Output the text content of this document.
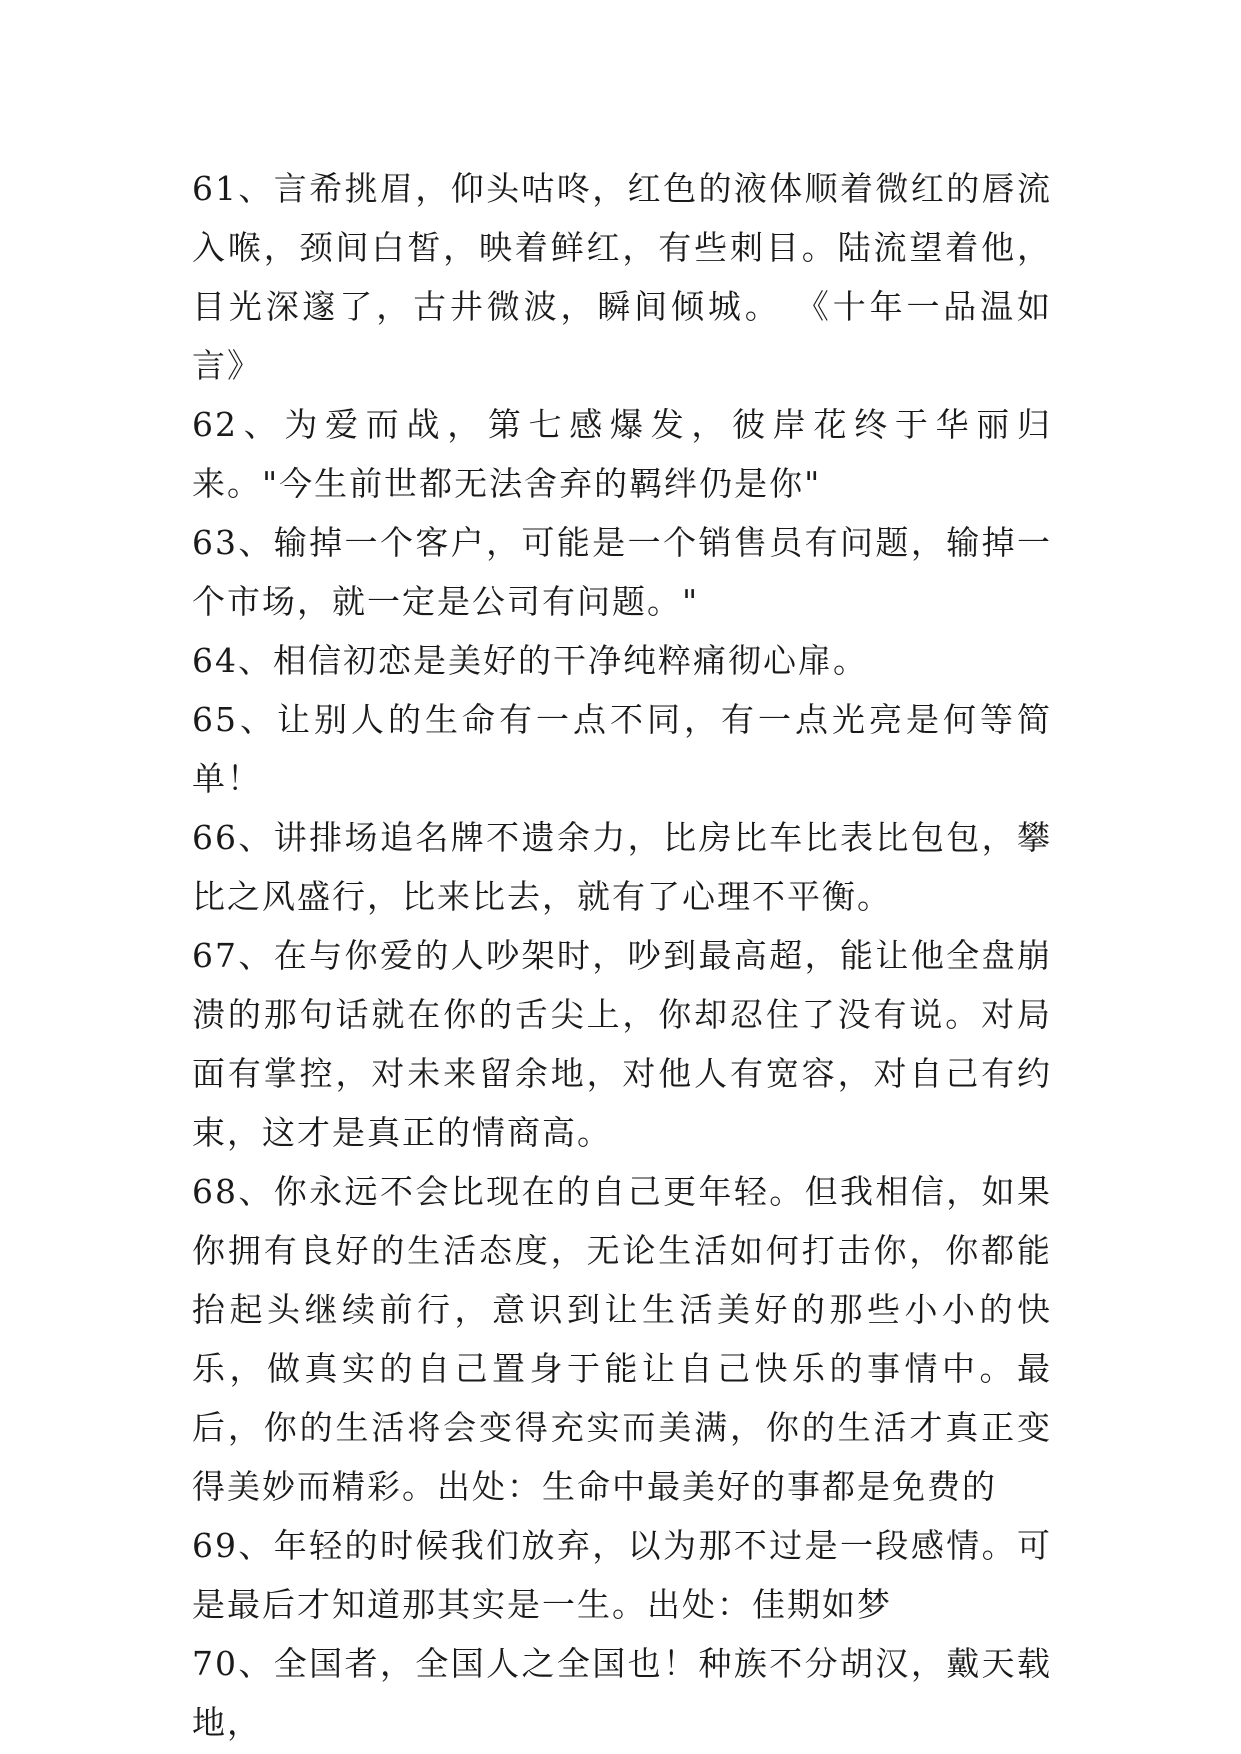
61、言希挑眉，仰头咕咚，红色的液体顺着微红的唇流入喉，颈间白皙，映着鲜红，有些刺目。陆流望着他，目光深邃了，古井微波，瞬间倾城。 《十年一品温如言》

62、为爱而战，第七感爆发，彼岸花终于华丽归来。"今生前世都无法舍弃的羁绊仍是你"

63、输掉一个客户，可能是一个销售员有问题，输掉一个市场，就一定是公司有问题。"

64、相信初恋是美好的干净纯粹痛彻心扉。

65、让别人的生命有一点不同，有一点光亮是何等简单！

66、讲排场追名牌不遗余力，比房比车比表比包包，攀比之风盛行，比来比去，就有了心理不平衡。

67、在与你爱的人吵架时，吵到最高超，能让他全盘崩溃的那句话就在你的舌尖上，你却忍住了没有说。对局面有掌控，对未来留余地，对他人有宽容，对自己有约束，这才是真正的情商高。

68、你永远不会比现在的自己更年轻。但我相信，如果你拥有良好的生活态度，无论生活如何打击你，你都能抬起头继续前行，意识到让生活美好的那些小小的快乐，做真实的自己置身于能让自己快乐的事情中。最后，你的生活将会变得充实而美满，你的生活才真正变得美妙而精彩。出处：生命中最美好的事都是免费的

69、年轻的时候我们放弃，以为那不过是一段感情。可是最后才知道那其实是一生。出处：佳期如梦

70、全国者，全国人之全国也！种族不分胡汉，戴天载地，
